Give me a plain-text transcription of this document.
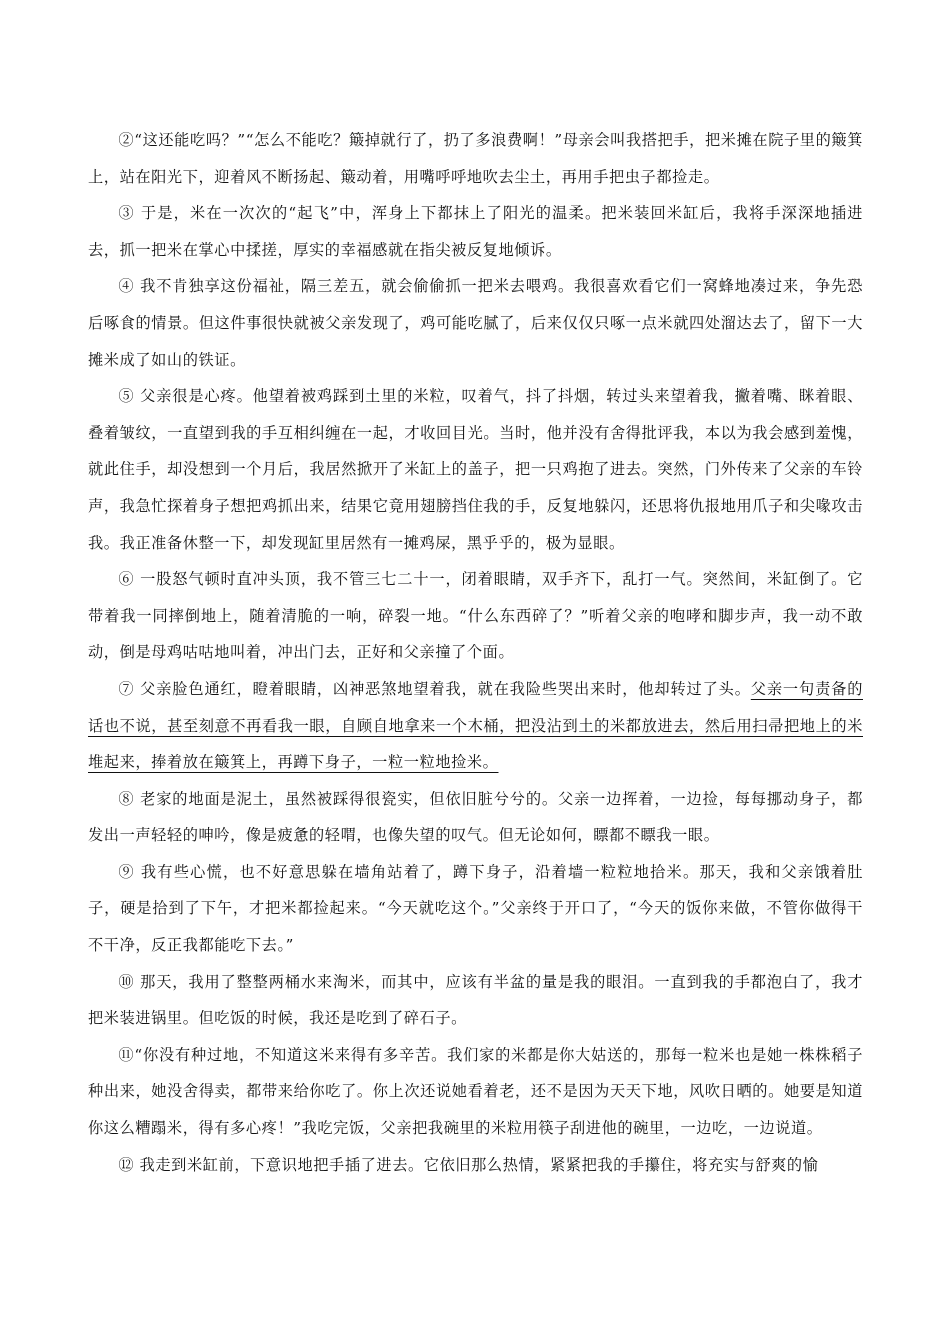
②“这还能吃吗？”“怎么不能吃？簸掉就行了，扔了多浪费啊！”母亲会叫我搭把手，把米摊在院子里的簸箕上，站在阳光下，迎着风不断扬起、簸动着，用嘴呼呼地吹去尘土，再用手把虫子都捡走。

③ 于是，米在一次次的“起飞”中，浑身上下都抹上了阳光的温柔。把米装回米缸后，我将手深深地插进去，抓一把米在掌心中揉搓，厚实的幸福感就在指尖被反复地倾诉。

④ 我不肯独享这份福祉，隔三差五，就会偷偷抓一把米去喂鸡。我很喜欢看它们一窝蜂地凑过来，争先恐后啄食的情景。但这件事很快就被父亲发现了，鸡可能吃腻了，后来仅仅只啄一点米就四处溜达去了，留下一大摊米成了如山的铁证。

⑤ 父亲很是心疼。他望着被鸡踩到土里的米粒，叹着气，抖了抖烟，转过头来望着我，撇着嘴、眯着眼、叠着皱纹，一直望到我的手互相纠缠在一起，才收回目光。当时，他并没有舍得批评我，本以为我会感到羞愧，就此住手，却没想到一个月后，我居然掀开了米缸上的盖子，把一只鸡抱了进去。突然，门外传来了父亲的车铃声，我急忙探着身子想把鸡抓出来，结果它竟用翅膀挡住我的手，反复地躲闪，还思将仇报地用爪子和尖喙攻击我。我正准备休整一下，却发现缸里居然有一摊鸡屎，黑乎乎的，极为显眼。

⑥ 一股怒气顿时直冲头顶，我不管三七二十一，闭着眼睛，双手齐下，乱打一气。突然间，米缸倒了。它带着我一同摔倒地上，随着清脆的一响，碎裂一地。“什么东西碎了？”听着父亲的咆哮和脚步声，我一动不敢动，倒是母鸡咕咕地叫着，冲出门去，正好和父亲撞了个面。

⑦ 父亲脸色通红，瞪着眼睛，凶神恶煞地望着我，就在我险些哭出来时，他却转过了头。父亲一句责备的话也不说，甚至刻意不再看我一眼，自顾自地拿来一个木桶，把没沾到土的米都放进去，然后用扫帚把地上的米堆起来，捧着放在簸箕上，再蹲下身子，一粒一粒地捡米。

⑧ 老家的地面是泥土，虽然被踩得很瓷实，但依旧脏兮兮的。父亲一边挥着，一边捡，每每挪动身子，都发出一声轻轻的呻吟，像是疲惫的轻喟，也像失望的叹气。但无论如何，瞟都不瞟我一眼。

⑨ 我有些心慌，也不好意思躲在墙角站着了，蹲下身子，沿着墙一粒粒地拾米。那天，我和父亲饿着肚子，硬是拾到了下午，才把米都捡起来。“今天就吃这个。”父亲终于开口了，“今天的饭你来做，不管你做得干不干净，反正我都能吃下去。”

⑩ 那天，我用了整整两桶水来淘米，而其中，应该有半盆的量是我的眼泪。一直到我的手都泡白了，我才把米装进锅里。但吃饭的时候，我还是吃到了碎石子。

⑪“你没有种过地，不知道这米来得有多辛苦。我们家的米都是你大姑送的，那每一粒米也是她一株株稻子种出来，她没舍得卖，都带来给你吃了。你上次还说她看着老，还不是因为天天下地，风吹日晒的。她要是知道你这么糟蹋米，得有多心疼！”我吃完饭，父亲把我碗里的米粒用筷子刮进他的碗里，一边吃，一边说道。

⑫ 我走到米缸前，下意识地把手插了进去。它依旧那么热情，紧紧把我的手攥住，将充实与舒爽的愉
